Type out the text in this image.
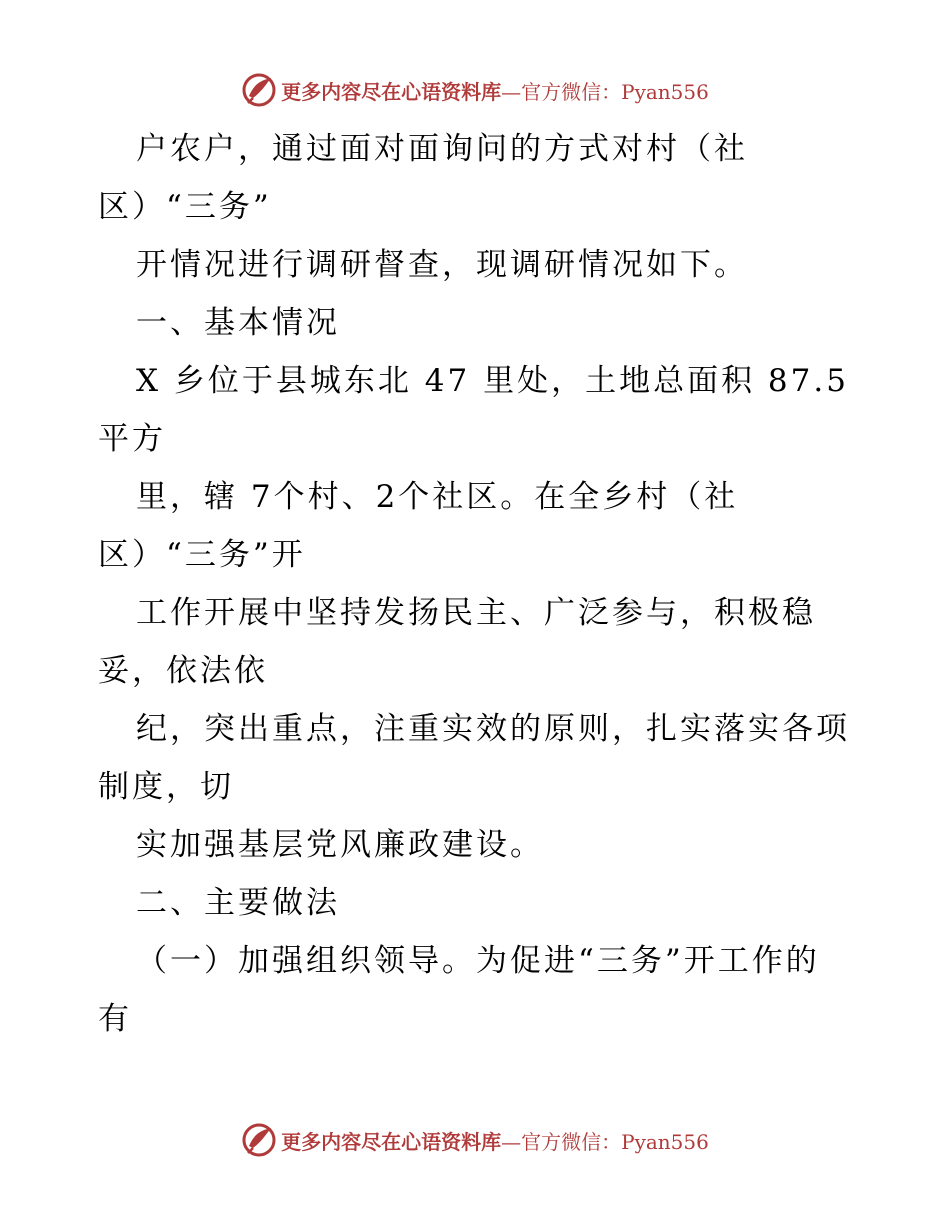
更多内容尽在心语资料库—官方微信：Pyan556
户农户，通过面对面询问的方式对村（社
区）“三务”
开情况进行调研督查，现调研情况如下。
一、基本情况
X 乡位于县城东北 47 里处，土地总面积 87.5
平方
里，辖 7个村、2个社区。在全乡村（社
区）“三务”开
工作开展中坚持发扬民主、广泛参与，积极稳
妥，依法依
纪，突出重点，注重实效的原则，扎实落实各项
制度，切
实加强基层党风廉政建设。
二、主要做法
（一）加强组织领导。为促进“三务”开工作的
有
更多内容尽在心语资料库—官方微信：Pyan556
